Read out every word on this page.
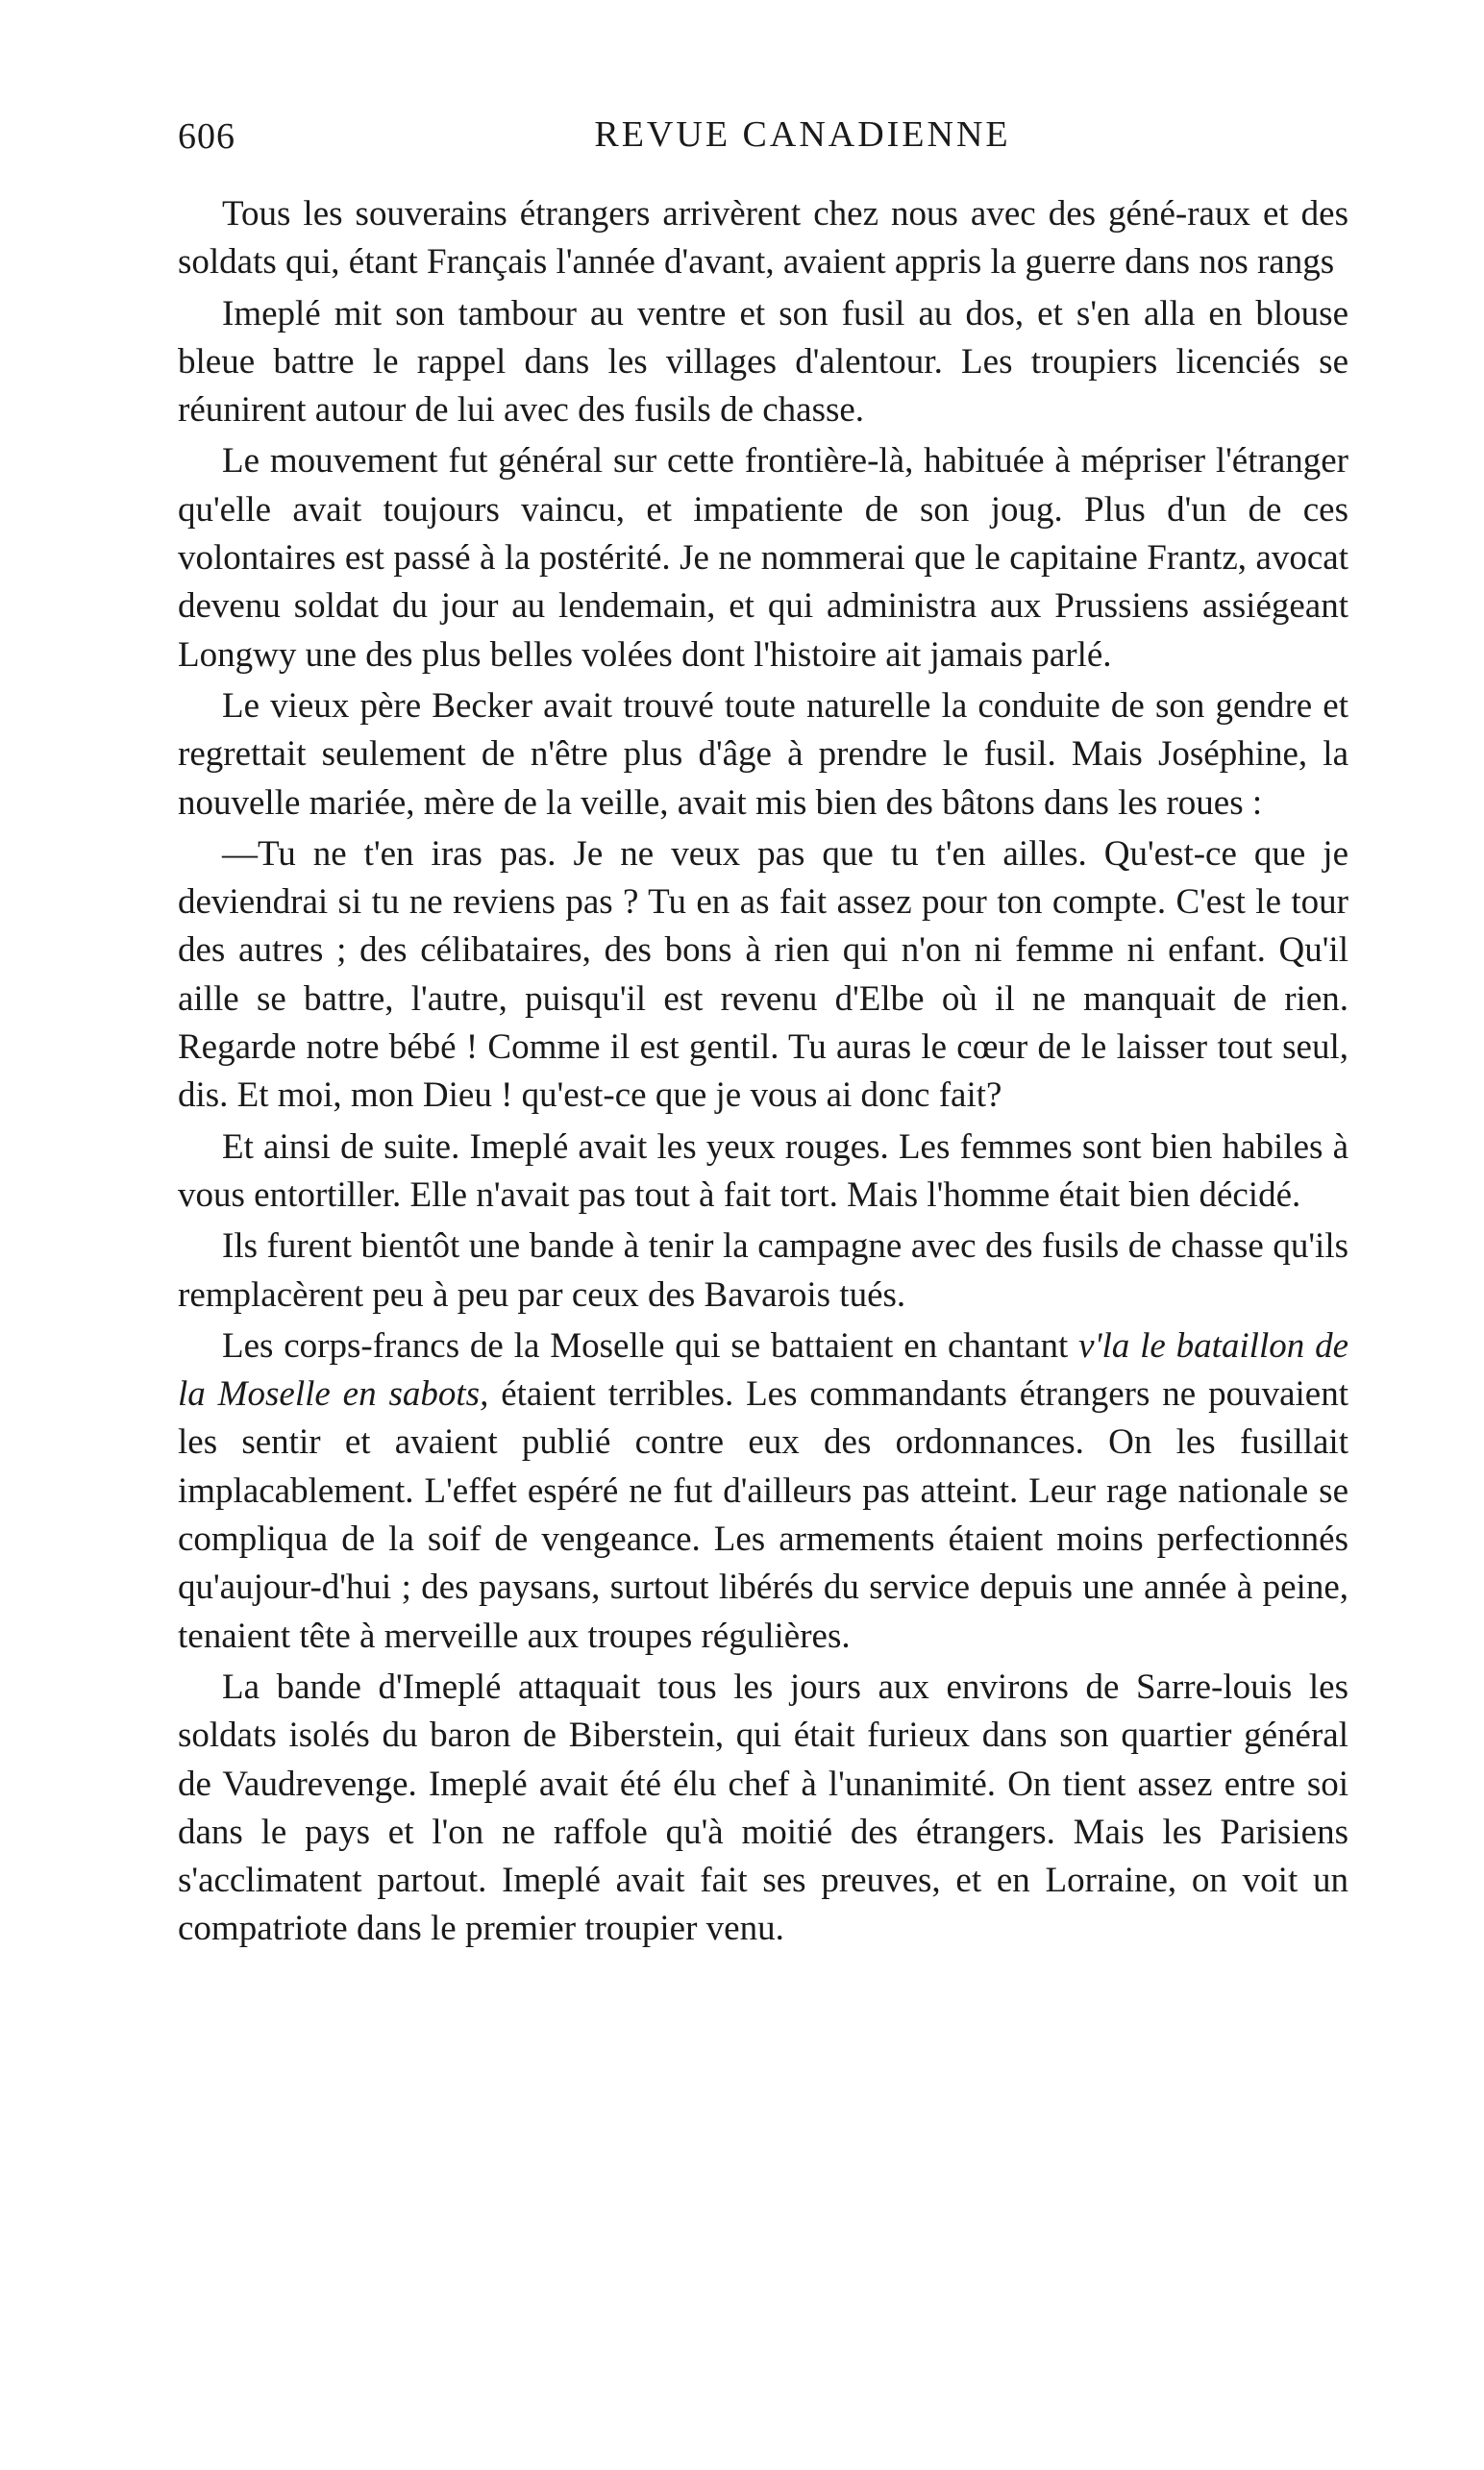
606	REVUE CANADIENNE

Tous les souverains étrangers arrivèrent chez nous avec des géné-raux et des soldats qui, étant Français l'année d'avant, avaient appris la guerre dans nos rangs

Imeplé mit son tambour au ventre et son fusil au dos, et s'en alla en blouse bleue battre le rappel dans les villages d'alentour. Les troupiers licenciés se réunirent autour de lui avec des fusils de chasse.

Le mouvement fut général sur cette frontière-là, habituée à mépriser l'étranger qu'elle avait toujours vaincu, et impatiente de son joug. Plus d'un de ces volontaires est passé à la postérité. Je ne nommerai que le capitaine Frantz, avocat devenu soldat du jour au lendemain, et qui administra aux Prussiens assiégeant Longwy une des plus belles volées dont l'histoire ait jamais parlé.

Le vieux père Becker avait trouvé toute naturelle la conduite de son gendre et regrettait seulement de n'être plus d'âge à prendre le fusil. Mais Joséphine, la nouvelle mariée, mère de la veille, avait mis bien des bâtons dans les roues :

—Tu ne t'en iras pas. Je ne veux pas que tu t'en ailles. Qu'est-ce que je deviendrai si tu ne reviens pas ? Tu en as fait assez pour ton compte. C'est le tour des autres ; des célibataires, des bons à rien qui n'on ni femme ni enfant. Qu'il aille se battre, l'autre, puisqu'il est revenu d'Elbe où il ne manquait de rien. Regarde notre bébé ! Comme il est gentil. Tu auras le cœur de le laisser tout seul, dis. Et moi, mon Dieu ! qu'est-ce que je vous ai donc fait?

Et ainsi de suite. Imeplé avait les yeux rouges. Les femmes sont bien habiles à vous entortiller. Elle n'avait pas tout à fait tort. Mais l'homme était bien décidé.

Ils furent bientôt une bande à tenir la campagne avec des fusils de chasse qu'ils remplacèrent peu à peu par ceux des Bavarois tués.

Les corps-francs de la Moselle qui se battaient en chantant v'la le bataillon de la Moselle en sabots, étaient terribles. Les commandants étrangers ne pouvaient les sentir et avaient publié contre eux des ordonnances. On les fusillait implacablement. L'effet espéré ne fut d'ailleurs pas atteint. Leur rage nationale se compliqua de la soif de vengeance. Les armements étaient moins perfectionnés qu'aujour-d'hui ; des paysans, surtout libérés du service depuis une année à peine, tenaient tête à merveille aux troupes régulières.

La bande d'Imeplé attaquait tous les jours aux environs de Sarre-louis les soldats isolés du baron de Biberstein, qui était furieux dans son quartier général de Vaudrevenge. Imeplé avait été élu chef à l'unanimité. On tient assez entre soi dans le pays et l'on ne raffole qu'à moitié des étrangers. Mais les Parisiens s'acclimatent partout. Imeplé avait fait ses preuves, et en Lorraine, on voit un compatriote dans le premier troupier venu.
